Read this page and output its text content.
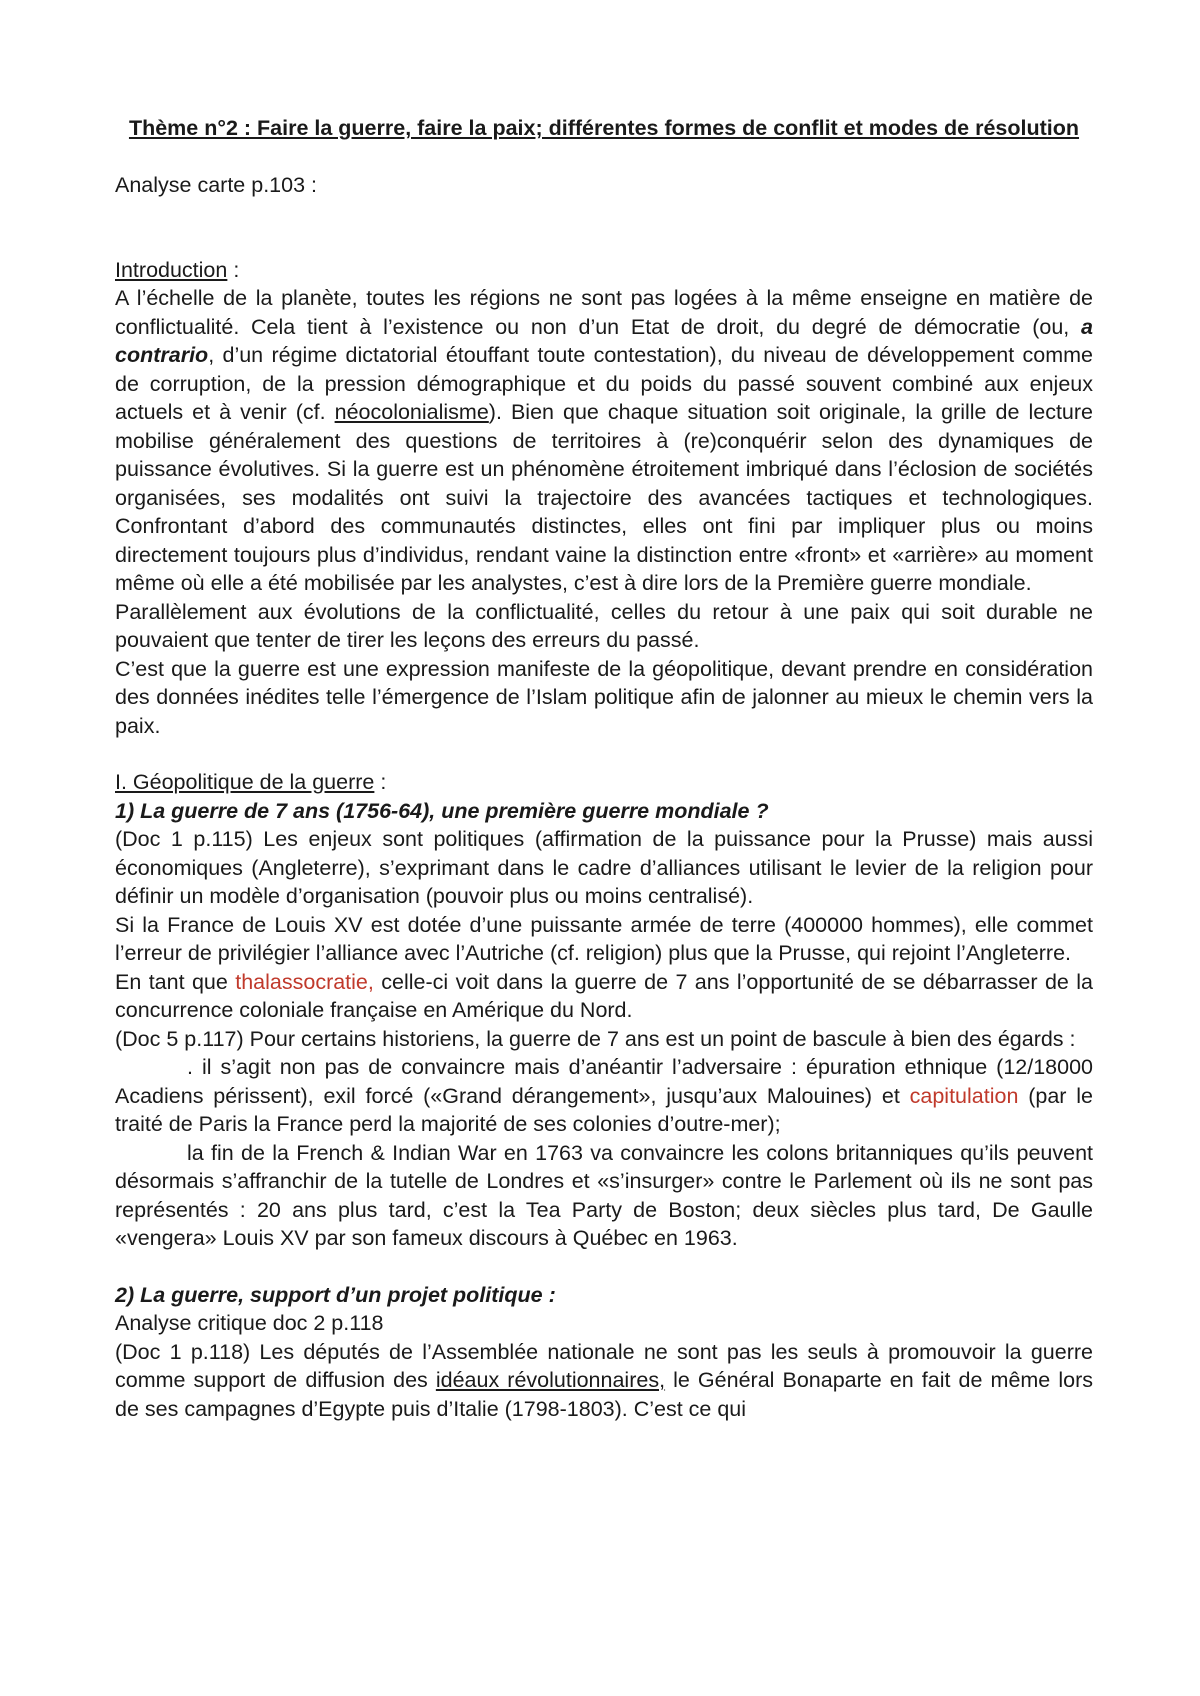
Thème n°2 : Faire la guerre, faire la paix; différentes formes de conflit et modes de résolution

Analyse carte p.103 :

Introduction :

A l’échelle de la planète, toutes les régions ne sont pas logées à la même enseigne en matière de conflictualité. Cela tient à l’existence ou non d’un Etat de droit, du degré de démocratie (ou, a contrario, d’un régime dictatorial étouffant toute contestation), du niveau de développement comme de corruption, de la pression démographique et du poids du passé souvent combiné aux enjeux actuels et à venir (cf. néocolonialisme). Bien que chaque situation soit originale, la grille de lecture mobilise généralement des questions de territoires à (re)conquérir selon des dynamiques de puissance évolutives. Si la guerre est un phénomène étroitement imbriqué dans l’éclosion de sociétés organisées, ses modalités ont suivi la trajectoire des avancées tactiques et technologiques. Confrontant d’abord des communautés distinctes, elles ont fini par impliquer plus ou moins directement toujours plus d’individus, rendant vaine la distinction entre «front» et «arrière» au moment même où elle a été mobilisée par les analystes, c’est à dire lors de la Première guerre mondiale.

Parallèlement aux évolutions de la conflictualité, celles du retour à une paix qui soit durable ne pouvaient que tenter de tirer les leçons des erreurs du passé.

C’est que la guerre est une expression manifeste de la géopolitique, devant prendre en considération des données inédites telle l’émergence de l’Islam politique afin de jalonner au mieux le chemin vers la paix.

I. Géopolitique de la guerre :

1) La guerre de 7 ans (1756-64), une première guerre mondiale ?

(Doc 1 p.115) Les enjeux sont politiques (affirmation de la puissance pour la Prusse) mais aussi économiques (Angleterre), s’exprimant dans le cadre d’alliances utilisant le levier de la religion pour définir un modèle d’organisation (pouvoir plus ou moins centralisé).

Si la France de Louis XV est dotée d’une puissante armée de terre (400000 hommes), elle commet l’erreur de privilégier l’alliance avec l’Autriche (cf. religion) plus que la Prusse, qui rejoint l’Angleterre.

En tant que thalassocratie, celle-ci voit dans la guerre de 7 ans l’opportunité de se débarrasser de la concurrence coloniale française en Amérique du Nord.

(Doc 5 p.117) Pour certains historiens, la guerre de 7 ans est un point de bascule à bien des égards :

. il s’agit non pas de convaincre mais d’anéantir l’adversaire : épuration ethnique (12/18000 Acadiens périssent), exil forcé («Grand dérangement», jusqu’aux Malouines) et capitulation (par le traité de Paris la France perd la majorité de ses colonies d’outre-mer);

la fin de la French & Indian War en 1763 va convaincre les colons britanniques qu’ils peuvent désormais s’affranchir de la tutelle de Londres et «s’insurger» contre le Parlement où ils ne sont pas représentés : 20 ans plus tard, c’est la Tea Party de Boston; deux siècles plus tard, De Gaulle «vengera» Louis XV par son fameux discours à Québec en 1963.

2) La guerre, support d’un projet politique :

Analyse critique doc 2 p.118

(Doc 1 p.118) Les députés de l’Assemblée nationale ne sont pas les seuls à promouvoir la guerre comme support de diffusion des idéaux révolutionnaires, le Général Bonaparte en fait de même lors de ses campagnes d’Egypte puis d’Italie (1798-1803). C’est ce qui
